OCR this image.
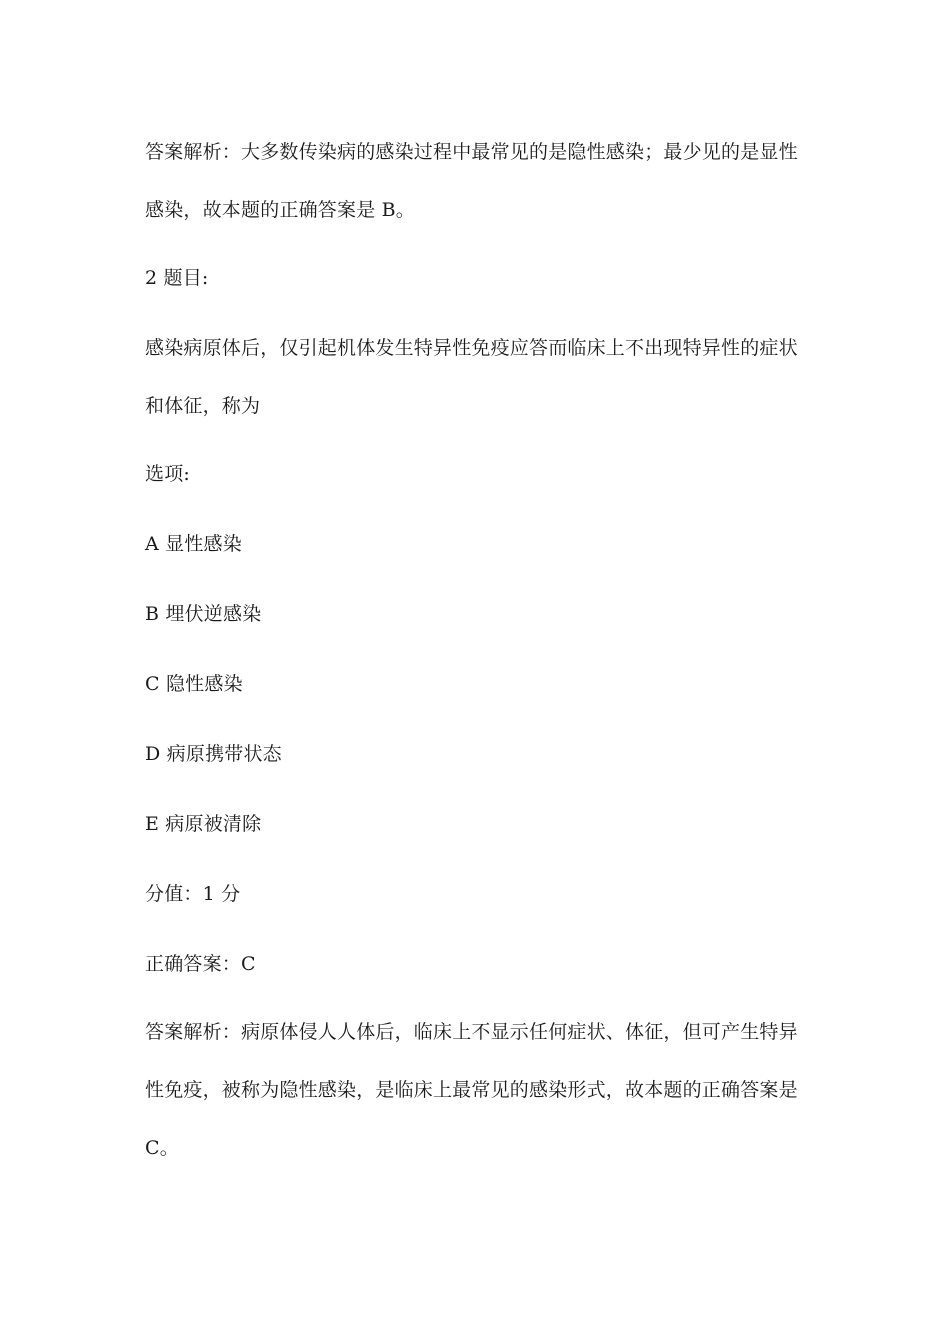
答案解析：大多数传染病的感染过程中最常见的是隐性感染；最少见的是显性
感染，故本题的正确答案是 B。
2 题目:
感染病原体后，仅引起机体发生特异性免疫应答而临床上不出现特异性的症状
和体征，称为
选项:
A 显性感染
B 埋伏逆感染
C 隐性感染
D 病原携带状态
E 病原被清除
分值：1 分
正确答案：C
答案解析：病原体侵人人体后，临床上不显示任何症状、体征，但可产生特异
性免疫，被称为隐性感染，是临床上最常见的感染形式，故本题的正确答案是
C。
